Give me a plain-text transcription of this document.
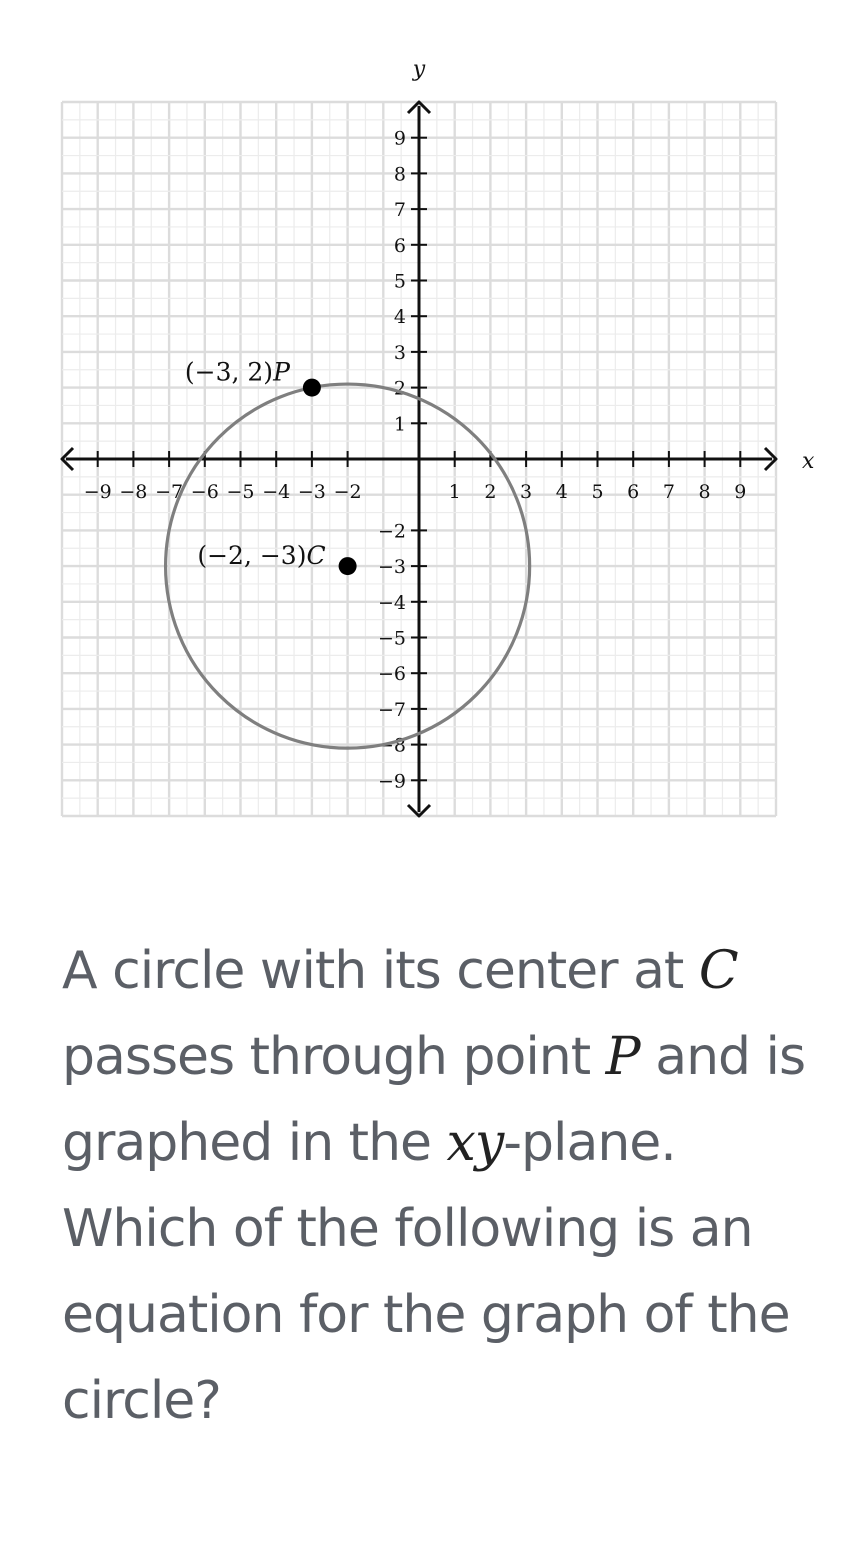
−9 −8 −7 −6 −5 −4 −3 −2	1 2 3 4 5 6 7 8 9
9
8
7
6
5
4
3
2
1
−2
−3
−4
−5
−6
−7
−8
−9
(−3, 2)P
(−2, −3)C
x
y
A circle with its center at C passes through point P and is graphed in the xy-plane. Which of the following is an equation for the graph of the circle?
